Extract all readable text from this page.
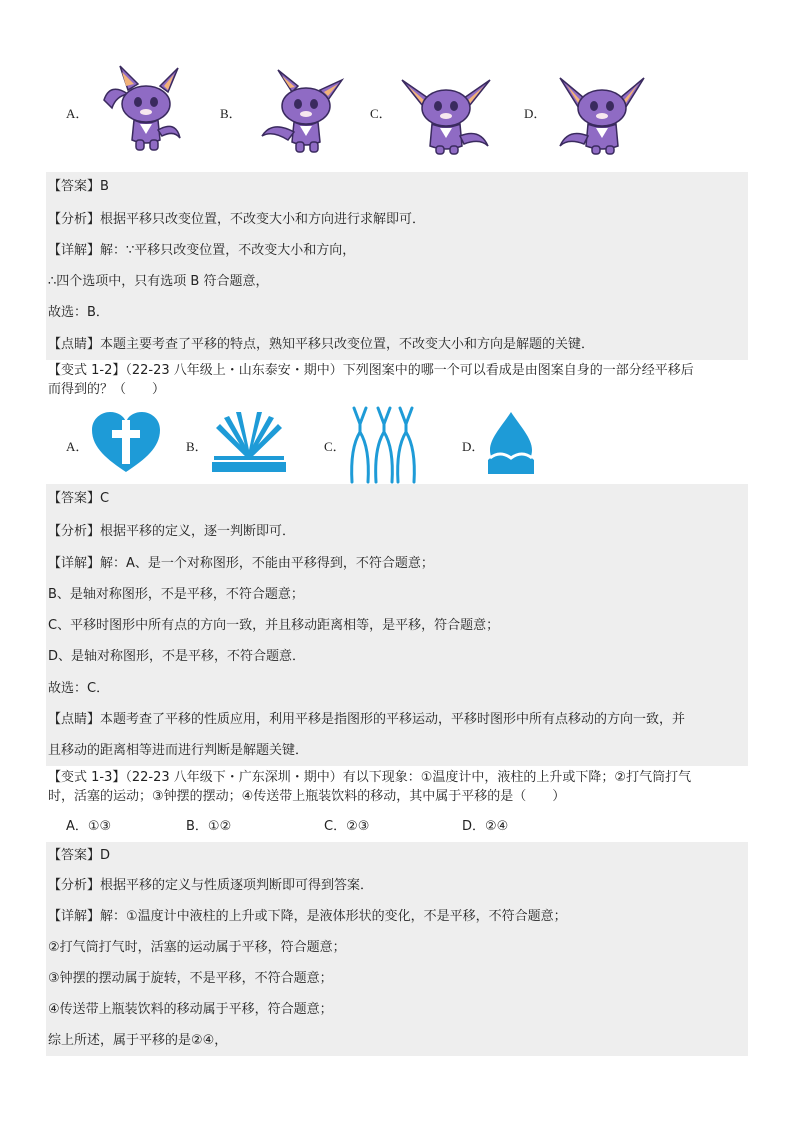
A．	B．	C．	D．
【答案】B
【分析】根据平移只改变位置，不改变大小和方向进行求解即可．
【详解】解：∵平移只改变位置，不改变大小和方向，
∴四个选项中，只有选项 B 符合题意，
故选：B．
【点睛】本题主要考查了平移的特点，熟知平移只改变位置，不改变大小和方向是解题的关键．
【变式 1-2】（22-23 八年级上・山东泰安・期中）下列图案中的哪一个可以看成是由图案自身的一部分经平移后
而得到的？（　　）
A．	B．	C．	D．
【答案】C
【分析】根据平移的定义，逐一判断即可．
【详解】解：A、是一个对称图形，不能由平移得到，不符合题意；
B、是轴对称图形，不是平移，不符合题意；
C、平移时图形中所有点的方向一致，并且移动距离相等，是平移，符合题意；
D、是轴对称图形，不是平移，不符合题意．
故选：C．
【点睛】本题考查了平移的性质应用，利用平移是指图形的平移运动，平移时图形中所有点移动的方向一致，并
且移动的距离相等进而进行判断是解题关键．
【变式 1-3】（22-23 八年级下・广东深圳・期中）有以下现象：①温度计中，液柱的上升或下降；②打气筒打气
时，活塞的运动；③钟摆的摆动；④传送带上瓶装饮料的移动，其中属于平移的是（　　）
A．①③	B．①②	C．②③	D．②④
【答案】D
【分析】根据平移的定义与性质逐项判断即可得到答案．
【详解】解：①温度计中液柱的上升或下降，是液体形状的变化，不是平移，不符合题意；
②打气筒打气时，活塞的运动属于平移，符合题意；
③钟摆的摆动属于旋转，不是平移，不符合题意；
④传送带上瓶装饮料的移动属于平移，符合题意；
综上所述，属于平移的是②④，
